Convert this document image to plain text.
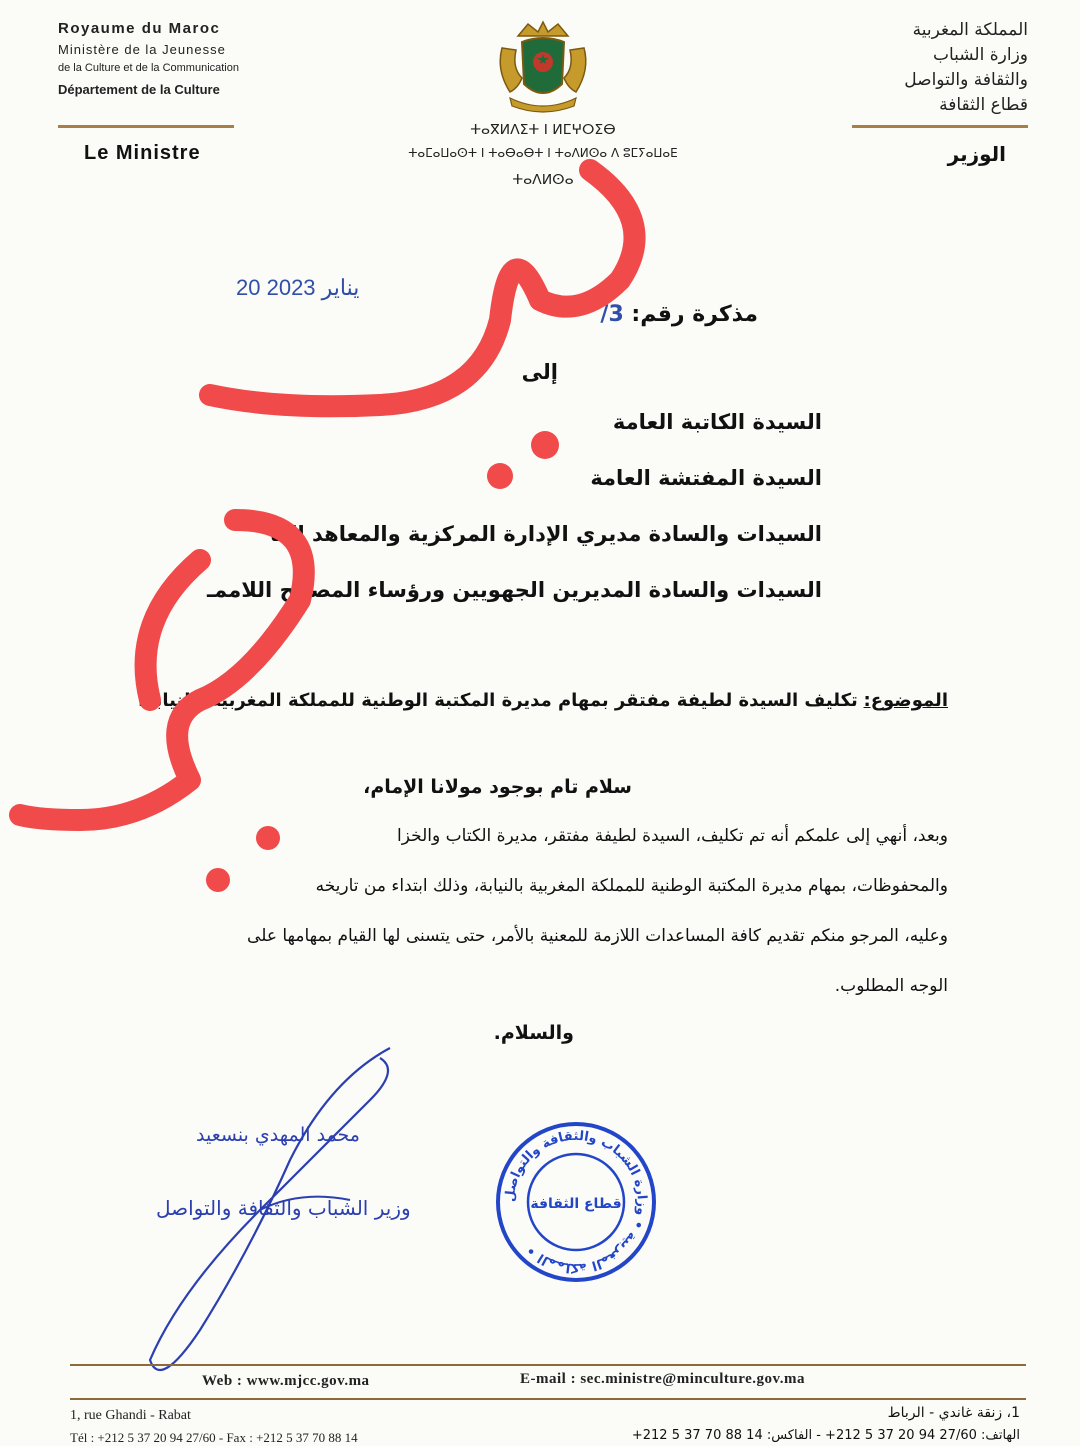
Royaume du Maroc
Ministère de la Jeunesse
de la Culture et de la Communication
Département de la Culture
Le Ministre
المملكة المغربية
وزارة الشباب
والثقافة والتواصل
قطاع الثقافة
الوزير
ⵜⴰⴳⵍⴷⵉⵜ ⵏ ⵍⵎⵖⵔⵉⴱ
ⵜⴰⵎⴰⵡⴰⵙⵜ ⵏ ⵜⴰⴱⴰⴱⵜ ⵏ ⵜⴰⴷⵍⵙⴰ ⴷ ⵓⵎⵢⴰⵡⴰⴹ
ⵜⴰⴷⵍⵙⴰ
20 يناير 2023
مذكرة رقم: 3/
إلى
السيدة الكاتبة العامة
السيدة المفتشة العامة
السيدات والسادة مديري الإدارة المركزية والمعاهد العا
السيدات والسادة المديرين الجهويين ورؤساء المصالح اللاممـ
الموضوع: تكليف السيدة لطيفة مفتقر بمهام مديرة المكتبة الوطنية للمملكة المغربية بالنيابة.
سلام تام بوجود مولانا الإمام،
وبعد، أنهي إلى علمكم أنه تم تكليف، السيدة لطيفة مفتقر، مديرة الكتاب والخزا
والمحفوظات، بمهام مديرة المكتبة الوطنية للمملكة المغربية بالنيابة، وذلك ابتداء من تاريخه
وعليه، المرجو منكم تقديم كافة المساعدات اللازمة للمعنية بالأمر، حتى يتسنى لها القيام بمهامها على
الوجه المطلوب.
والسلام.
محمد المهدي بنسعيد
وزير الشباب والثقافة والتواصل
المملكة المغربية • وزارة الشباب والثقافة والتواصل •
قطاع الثقافة
Web : www.mjcc.gov.ma	E-mail : sec.ministre@minculture.gov.ma
1, rue Ghandi - Rabat
Tél : +212 5 37 20 94 27/60 - Fax : +212 5 37 70 88 14
1، زنقة غاندي - الرباط
الهاتف: 27/60 94 20 37 5 212+ - الفاكس: 14 88 70 37 5 212+
